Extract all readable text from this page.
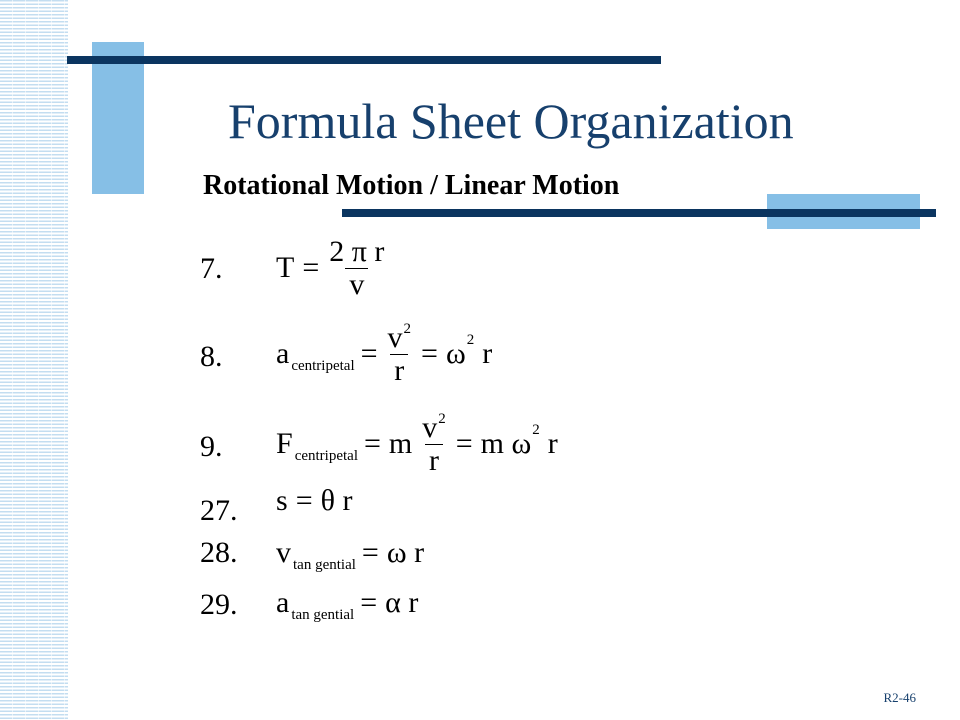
Formula Sheet Organization
Rotational Motion / Linear Motion
7. $T = \frac{\text{2 π r}}{v}$
8. a centripetal = $\frac{v^2}{r} = \omega$ 2 r
9. F centripetal = m $\frac{v^2}{r} = m$ ω 2 r
27. s = θ r
28. v tan gential = ω r
29. a tan gential = α r
R2-46
